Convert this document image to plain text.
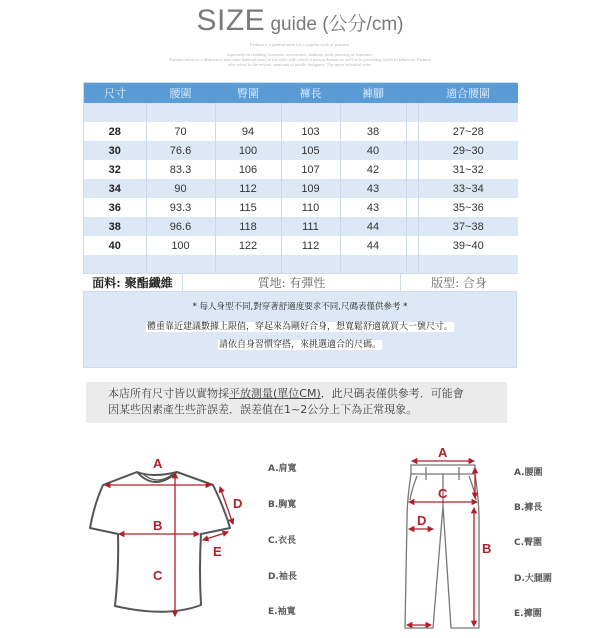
SIZE guide (公分/cm)
Fashion is a general term for a popular style or practice,
especially in clothing, footwear, accessories, makeup, body piercing or furniture.
Fashion refers to a distinctive and often habitual trend in the style with which a person dresses as well as to prevailing styles in behavior. Fashion
also refers to the newest creations of textile designers. The more technical term.
尺寸	腰圍	臀圍	褲長	褲腳		適合腰圍

28	70	94	103	38		27~28
30	76.6	100	105	40		29~30
32	83.3	106	107	42		31~32
34	90	112	109	43		33~34
36	93.3	115	110	43		35~36
38	96.6	118	111	44		37~38
40	100	122	112	44		39~40

面料: 聚酯纖維	質地: 有彈性	版型: 合身
* 每人身型不同,對穿著舒適度要求不同,尺碼表僅供參考 *
體重靠近建議數據上限值，穿起來為剛好合身，想寬鬆舒適就買大一號尺寸。
請依自身習慣穿搭，來挑選適合的尺碼。
本店所有尺寸皆以實物採平放測量(單位CM)．此尺碼表僅供參考．可能會
因某些因素產生些許誤差．誤差值在1~2公分上下為正常現象。
A
B
C
D
E
A.肩寬
B.胸寬
C.衣長
D.袖長
E.袖寬
A
B
C
D
A.腰圍
B.褲長
C.臀圍
D.大腿圍
E.褲圍
